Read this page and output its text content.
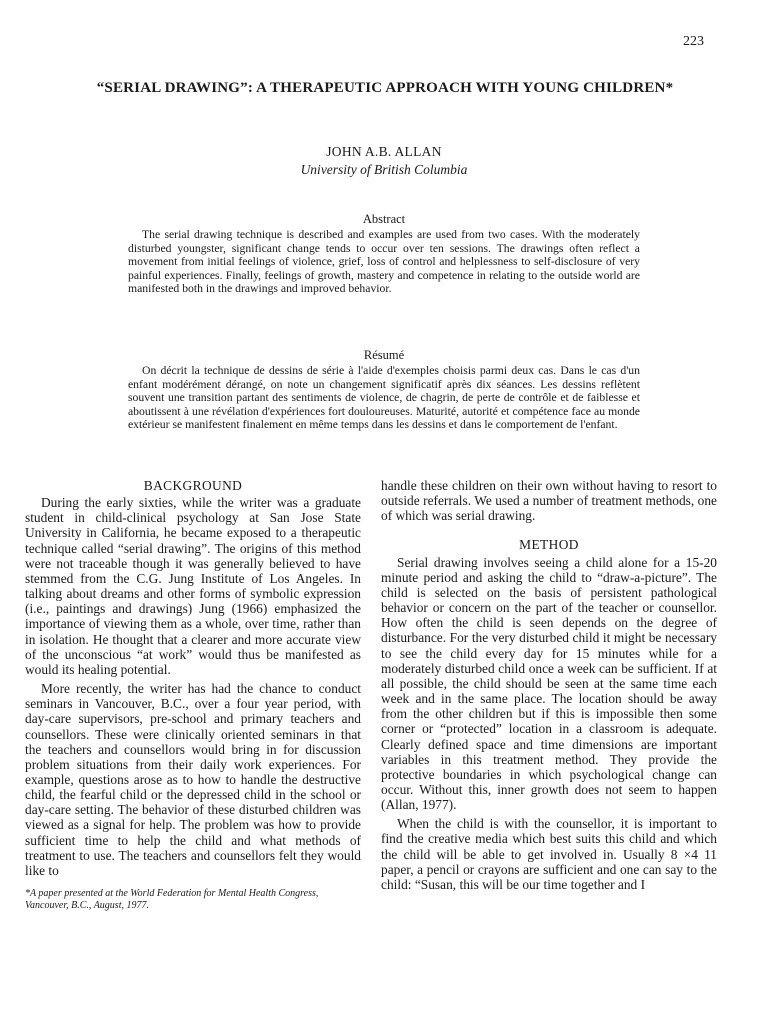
223
“SERIAL DRAWING”: A THERAPEUTIC APPROACH WITH YOUNG CHILDREN*
JOHN A.B. ALLAN
University of British Columbia
Abstract

The serial drawing technique is described and examples are used from two cases. With the moderately disturbed youngster, significant change tends to occur over ten sessions. The drawings often reflect a movement from initial feelings of violence, grief, loss of control and helplessness to self-disclosure of very painful experiences. Finally, feelings of growth, mastery and competence in relating to the outside world are manifested both in the drawings and improved behavior.

Résumé

On décrit la technique de dessins de série à l'aide d'exemples choisis parmi deux cas. Dans le cas d'un enfant modérément dérangé, on note un changement significatif après dix séances. Les dessins reflètent souvent une transition partant des sentiments de violence, de chagrin, de perte de contrôle et de faiblesse et aboutissent à une révélation d'expériences fort douloureuses. Maturité, autorité et compétence face au monde extérieur se manifestent finalement en même temps dans les dessins et dans le comportement de l'enfant.

BACKGROUND

During the early sixties, while the writer was a graduate student in child-clinical psychology at San Jose State University in California, he became exposed to a therapeutic technique called “serial drawing”. The origins of this method were not traceable though it was generally believed to have stemmed from the C.G. Jung Institute of Los Angeles. In talking about dreams and other forms of symbolic expression (i.e., paintings and drawings) Jung (1966) emphasized the importance of viewing them as a whole, over time, rather than in isolation. He thought that a clearer and more accurate view of the unconscious “at work” would thus be manifested as would its healing potential.

More recently, the writer has had the chance to conduct seminars in Vancouver, B.C., over a four year period, with day-care supervisors, pre-school and primary teachers and counsellors. These were clinically oriented seminars in that the teachers and counsellors would bring in for discussion problem situations from their daily work experiences. For example, questions arose as to how to handle the destructive child, the fearful child or the depressed child in the school or day-care setting. The behavior of these disturbed children was viewed as a signal for help. The problem was how to provide sufficient time to help the child and what methods of treatment to use. The teachers and counsellors felt they would like to

*A paper presented at the World Federation for Mental Health Congress, Vancouver, B.C., August, 1977.

handle these children on their own without having to resort to outside referrals. We used a number of treatment methods, one of which was serial drawing.

METHOD

Serial drawing involves seeing a child alone for a 15-20 minute period and asking the child to “draw-a-picture”. The child is selected on the basis of persistent pathological behavior or concern on the part of the teacher or counsellor. How often the child is seen depends on the degree of disturbance. For the very disturbed child it might be necessary to see the child every day for 15 minutes while for a moderately disturbed child once a week can be sufficient. If at all possible, the child should be seen at the same time each week and in the same place. The location should be away from the other children but if this is impossible then some corner or “protected” location in a classroom is adequate. Clearly defined space and time dimensions are important variables in this treatment method. They provide the protective boundaries in which psychological change can occur. Without this, inner growth does not seem to happen (Allan, 1977).

When the child is with the counsellor, it is important to find the creative media which best suits this child and which the child will be able to get involved in. Usually 8 ×4 11 paper, a pencil or crayons are sufficient and one can say to the child: “Susan, this will be our time together and I
